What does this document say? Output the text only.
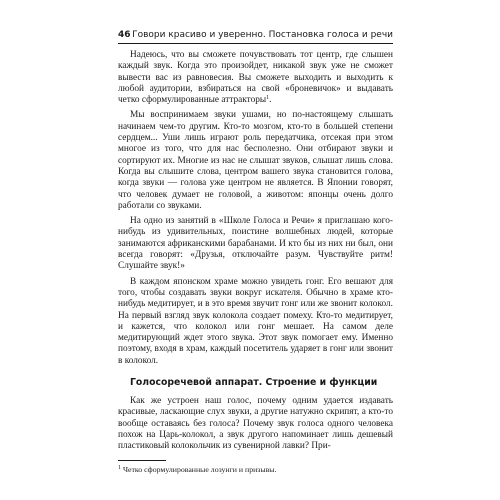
46 Говори красиво и уверенно. Постановка голоса и речи

Надеюсь, что вы сможете почувствовать тот центр, где слышен каждый звук. Когда это произойдет, никакой звук уже не сможет вывести вас из равновесия. Вы сможете выходить и выходить к любой аудитории, взбираться на свой «броневичок» и выдавать четко сформулированные аттракторы$^1$.

Мы воспринимаем звуки ушами, но по-настоящему слышать начинаем чем-то другим. Кто-то мозгом, кто-то в большей степени сердцем... Уши лишь играют роль передатчика, отсекая при этом многое из того, что для нас бесполезно. Они отбирают звуки и сортируют их. Многие из нас не слышат звуков, слышат лишь слова. Когда вы слышите слова, центром вашего звука становится голова, когда звуки — голова уже центром не является. В Японии говорят, что человек думает не головой, а животом: японцы очень долго работали со звуками.

На одно из занятий в «Школе Голоса и Речи» я приглашаю кого-нибудь из удивительных, поистине волшебных людей, которые занимаются африканскими барабанами. И кто бы из них ни был, они всегда говорят: «Друзья, отключайте разум. Чувствуйте ритм! Слушайте звук!»

В каждом японском храме можно увидеть гонг. Его вешают для того, чтобы создавать звуки вокруг искателя. Обычно в храме кто-нибудь медитирует, и в это время звучит гонг или же звонит колокол. На первый взгляд звук колокола создает помеху. Кто-то медитирует, и кажется, что колокол или гонг мешает. На самом деле медитирующий ждет этого звука. Этот звук помогает ему. Именно поэтому, входя в храм, каждый посетитель ударяет в гонг или звонит в колокол.

Голосоречевой аппарат. Строение и функции

Как же устроен наш голос, почему одним удается издавать красивые, ласкающие слух звуки, а другие натужно скрипят, а кто-то вообще оставаясь без голоса? Почему звук голоса одного человека похож на Царь-колокол, а звук другого напоминает лишь дешевый пластиковый колокольчик из сувенирной лавки? При-

$^1$ Четко сформулированные лозунги и призывы.
